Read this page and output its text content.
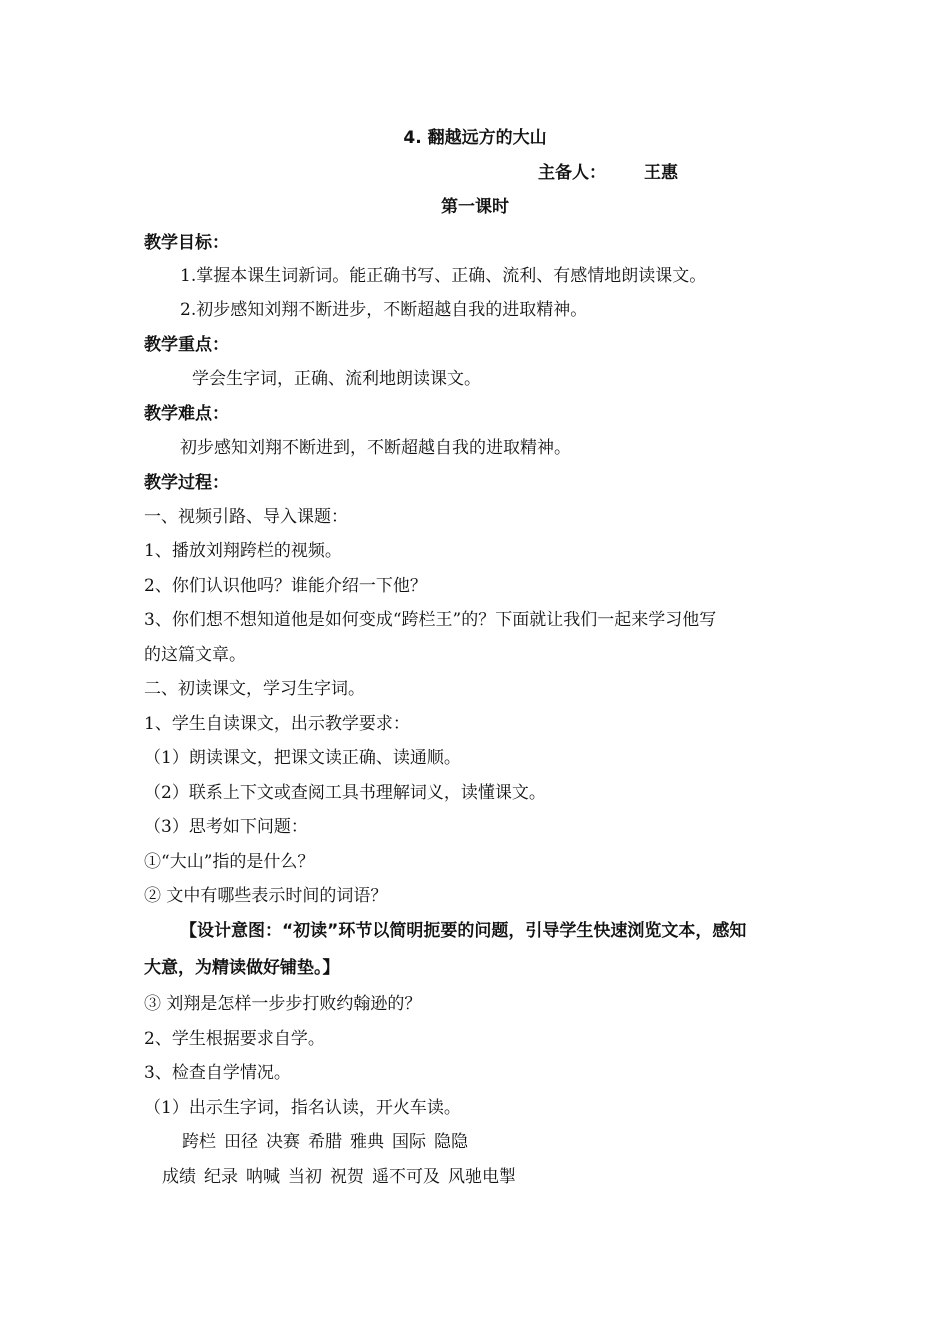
4. 翻越远方的大山
主备人： 王惠
第一课时
教学目标：
1.掌握本课生词新词。能正确书写、正确、流利、有感情地朗读课文。
2.初步感知刘翔不断进步，不断超越自我的进取精神。
教学重点：
学会生字词，正确、流利地朗读课文。
教学难点：
初步感知刘翔不断进到，不断超越自我的进取精神。
教学过程：
一、视频引路、导入课题：
1、播放刘翔跨栏的视频。
2、你们认识他吗？谁能介绍一下他？
3、你们想不想知道他是如何变成“跨栏王”的？下面就让我们一起来学习他写
的这篇文章。
二、初读课文，学习生字词。
1、学生自读课文，出示教学要求：
（1）朗读课文，把课文读正确、读通顺。
（2）联系上下文或查阅工具书理解词义，读懂课文。
（3）思考如下问题：
①“大山”指的是什么？
② 文中有哪些表示时间的词语？
【设计意图：“初读”环节以简明扼要的问题，引导学生快速浏览文本，感知
大意，为精读做好铺垫。】
③ 刘翔是怎样一步步打败约翰逊的？
2、学生根据要求自学。
3、检查自学情况。
（1）出示生字词，指名认读，开火车读。
跨栏 田径 决赛 希腊 雅典 国际 隐隐
成绩 纪录 呐喊 当初 祝贺 遥不可及 风驰电掣
